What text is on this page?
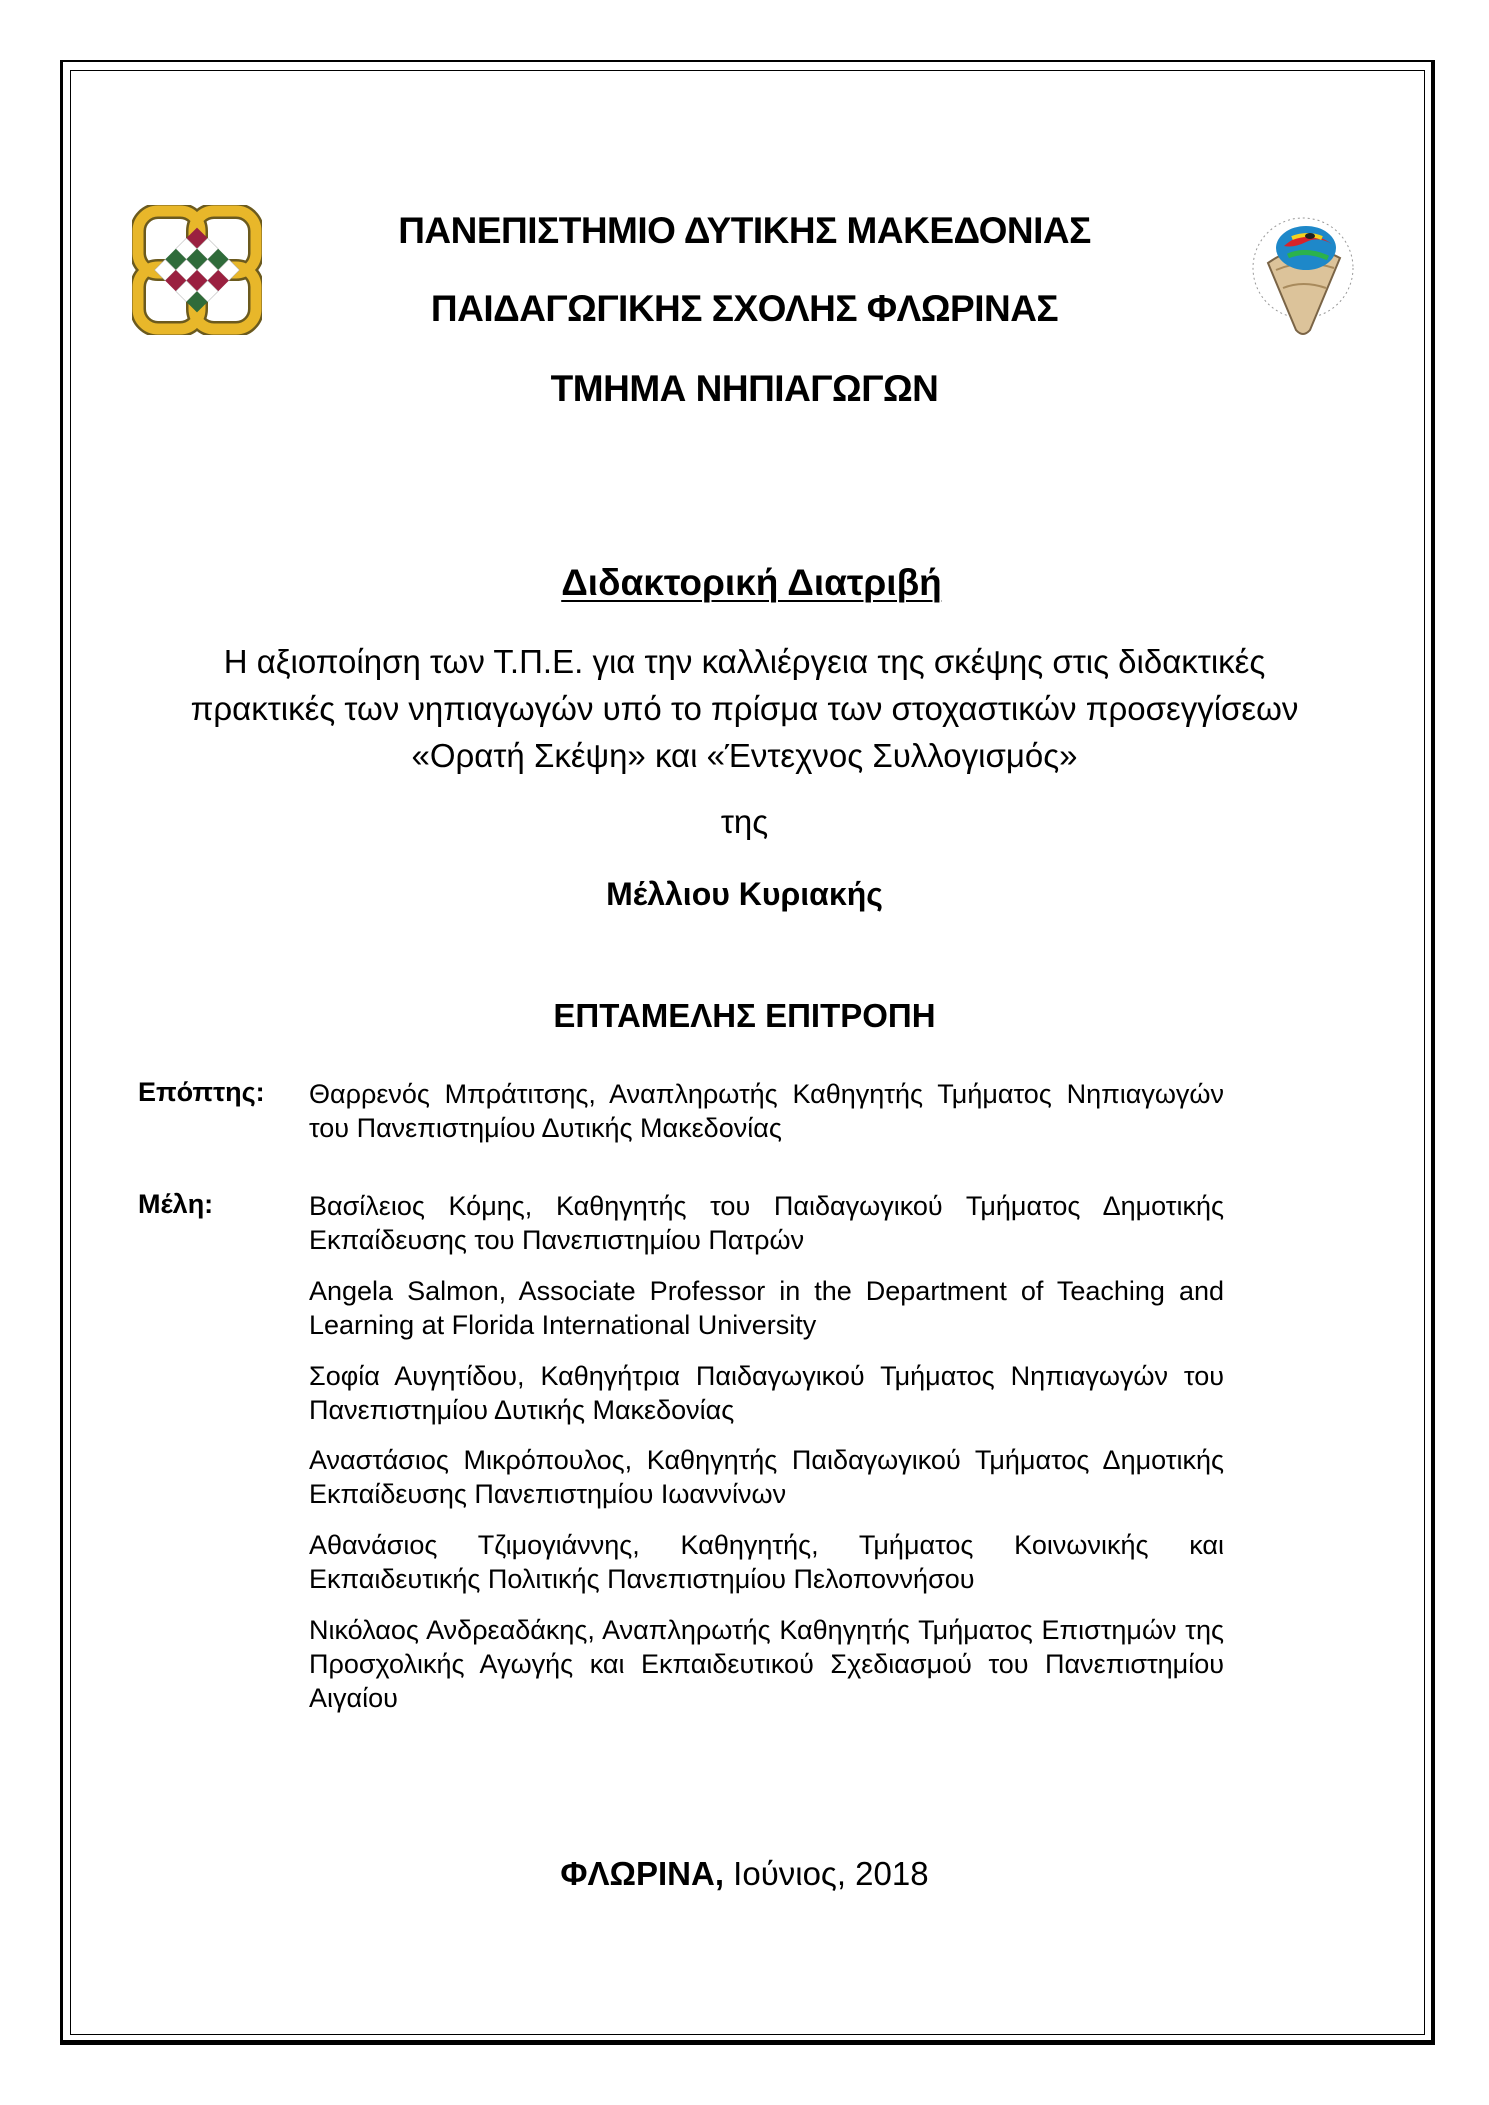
ΠΑΝΕΠΙΣΤΗΜΙΟ ΔΥΤΙΚΗΣ ΜΑΚΕΔΟΝΙΑΣ
ΠΑΙΔΑΓΩΓΙΚΗΣ ΣΧΟΛΗΣ ΦΛΩΡΙΝΑΣ
ΤΜΗΜΑ ΝΗΠΙΑΓΩΓΩΝ
Διδακτορική Διατριβή
Η αξιοποίηση των Τ.Π.Ε. για την καλλιέργεια της σκέψης στις διδακτικές
πρακτικές των νηπιαγωγών υπό το πρίσμα των στοχαστικών προσεγγίσεων
«Ορατή Σκέψη» και «Έντεχνος Συλλογισμός»
της
Μέλλιου Κυριακής
ΕΠΤΑΜΕΛΗΣ ΕΠΙΤΡΟΠΗ
Επόπτης: Θαρρενός Μπράτιτσης, Αναπληρωτής Καθηγητής Τμήματος Νηπιαγωγών του Πανεπιστημίου Δυτικής Μακεδονίας
Μέλη:	Βασίλειος Κόμης, Καθηγητής του Παιδαγωγικού Τμήματος Δημοτικής Εκπαίδευσης του Πανεπιστημίου Πατρών
Angela Salmon, Associate Professor in the Department of Teaching and Learning at Florida International University
Σοφία Αυγητίδου, Καθηγήτρια Παιδαγωγικού Τμήματος Νηπιαγωγών του Πανεπιστημίου Δυτικής Μακεδονίας
Αναστάσιος Μικρόπουλος, Καθηγητής Παιδαγωγικού Τμήματος Δημοτικής Εκπαίδευσης Πανεπιστημίου Ιωαννίνων
Αθανάσιος Τζιμογιάννης, Καθηγητής, Τμήματος Κοινωνικής και Εκπαιδευτικής Πολιτικής Πανεπιστημίου Πελοποννήσου
Νικόλαος Ανδρεαδάκης, Αναπληρωτής Καθηγητής Τμήματος Επιστημών της Προσχολικής Αγωγής και Εκπαιδευτικού Σχεδιασμού του Πανεπιστημίου Αιγαίου
ΦΛΩΡΙΝΑ, Ιούνιος, 2018
